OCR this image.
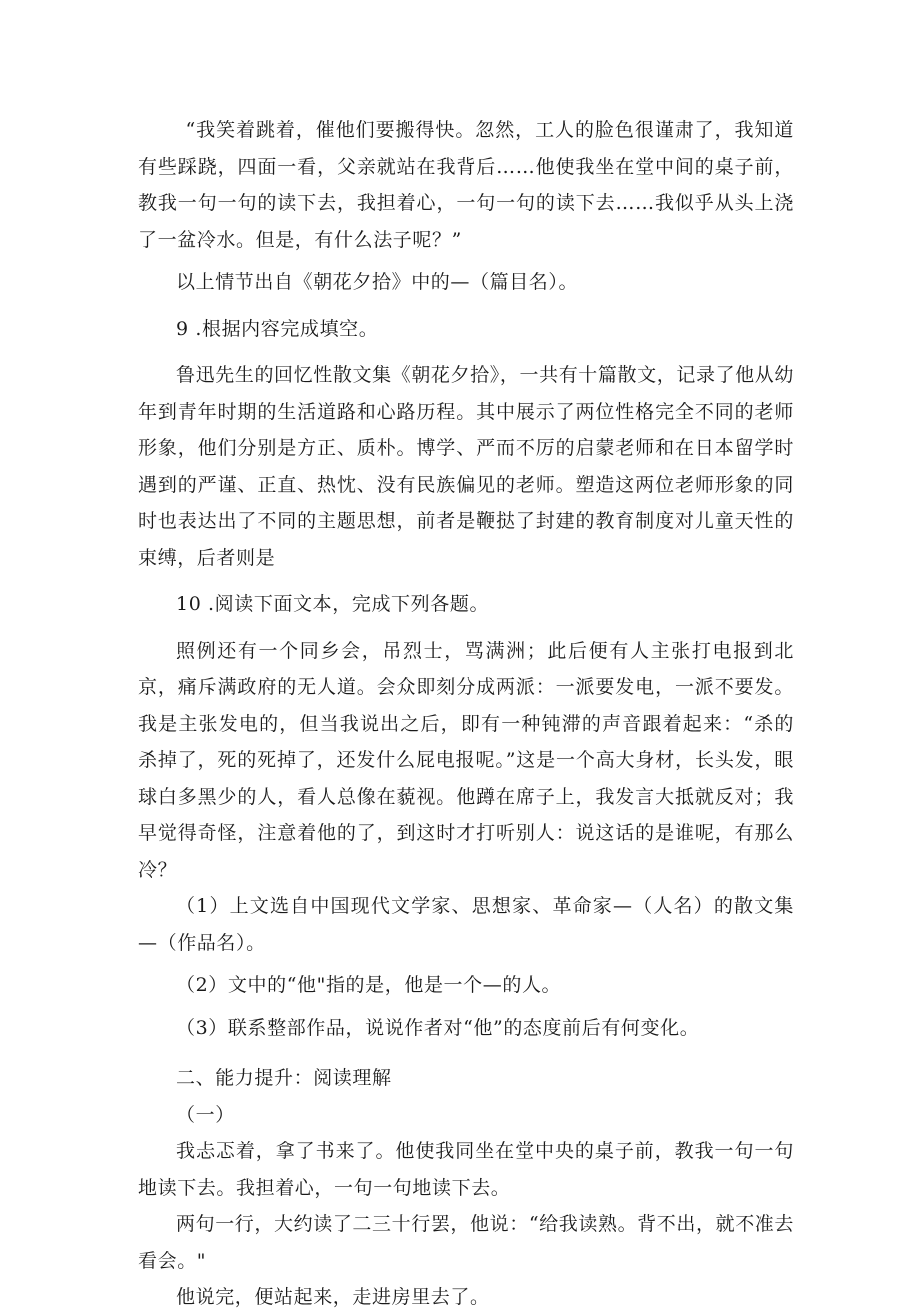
“我笑着跳着，催他们要搬得快。忽然，工人的脸色很谨肃了，我知道有些踩跷，四面一看，父亲就站在我背后……他使我坐在堂中间的桌子前，教我一句一句的读下去，我担着心，一句一句的读下去……我似乎从头上浇了一盆冷水。但是，有什么法子呢？”

以上情节出自《朝花夕拾》中的—（篇目名）。

9 .根据内容完成填空。

鲁迅先生的回忆性散文集《朝花夕拾》，一共有十篇散文，记录了他从幼年到青年时期的生活道路和心路历程。其中展示了两位性格完全不同的老师形象，他们分别是方正、质朴。博学、严而不厉的启蒙老师和在日本留学时遇到的严谨、正直、热忱、没有民族偏见的老师。塑造这两位老师形象的同时也表达出了不同的主题思想，前者是鞭挞了封建的教育制度对儿童天性的束缚，后者则是

10 .阅读下面文本，完成下列各题。

照例还有一个同乡会，吊烈士，骂满洲；此后便有人主张打电报到北京，痛斥满政府的无人道。会众即刻分成两派：一派要发电，一派不要发。我是主张发电的，但当我说出之后，即有一种钝滞的声音跟着起来：“杀的杀掉了，死的死掉了，还发什么屁电报呢。”这是一个高大身材，长头发，眼球白多黑少的人，看人总像在藐视。他蹲在席子上，我发言大抵就反对；我早觉得奇怪，注意着他的了，到这时才打听别人：说这话的是谁呢，有那么冷？

（1）上文选自中国现代文学家、思想家、革命家—（人名）的散文集—（作品名）。

（2）文中的“他"指的是，他是一个—的人。

（3）联系整部作品，说说作者对“他”的态度前后有何变化。

二、能力提升：阅读理解

（一）

我忐忑着，拿了书来了。他使我同坐在堂中央的桌子前，教我一句一句地读下去。我担着心，一句一句地读下去。

两句一行，大约读了二三十行罢，他说：“给我读熟。背不出，就不准去看会。"

他说完，便站起来，走进房里去了。
